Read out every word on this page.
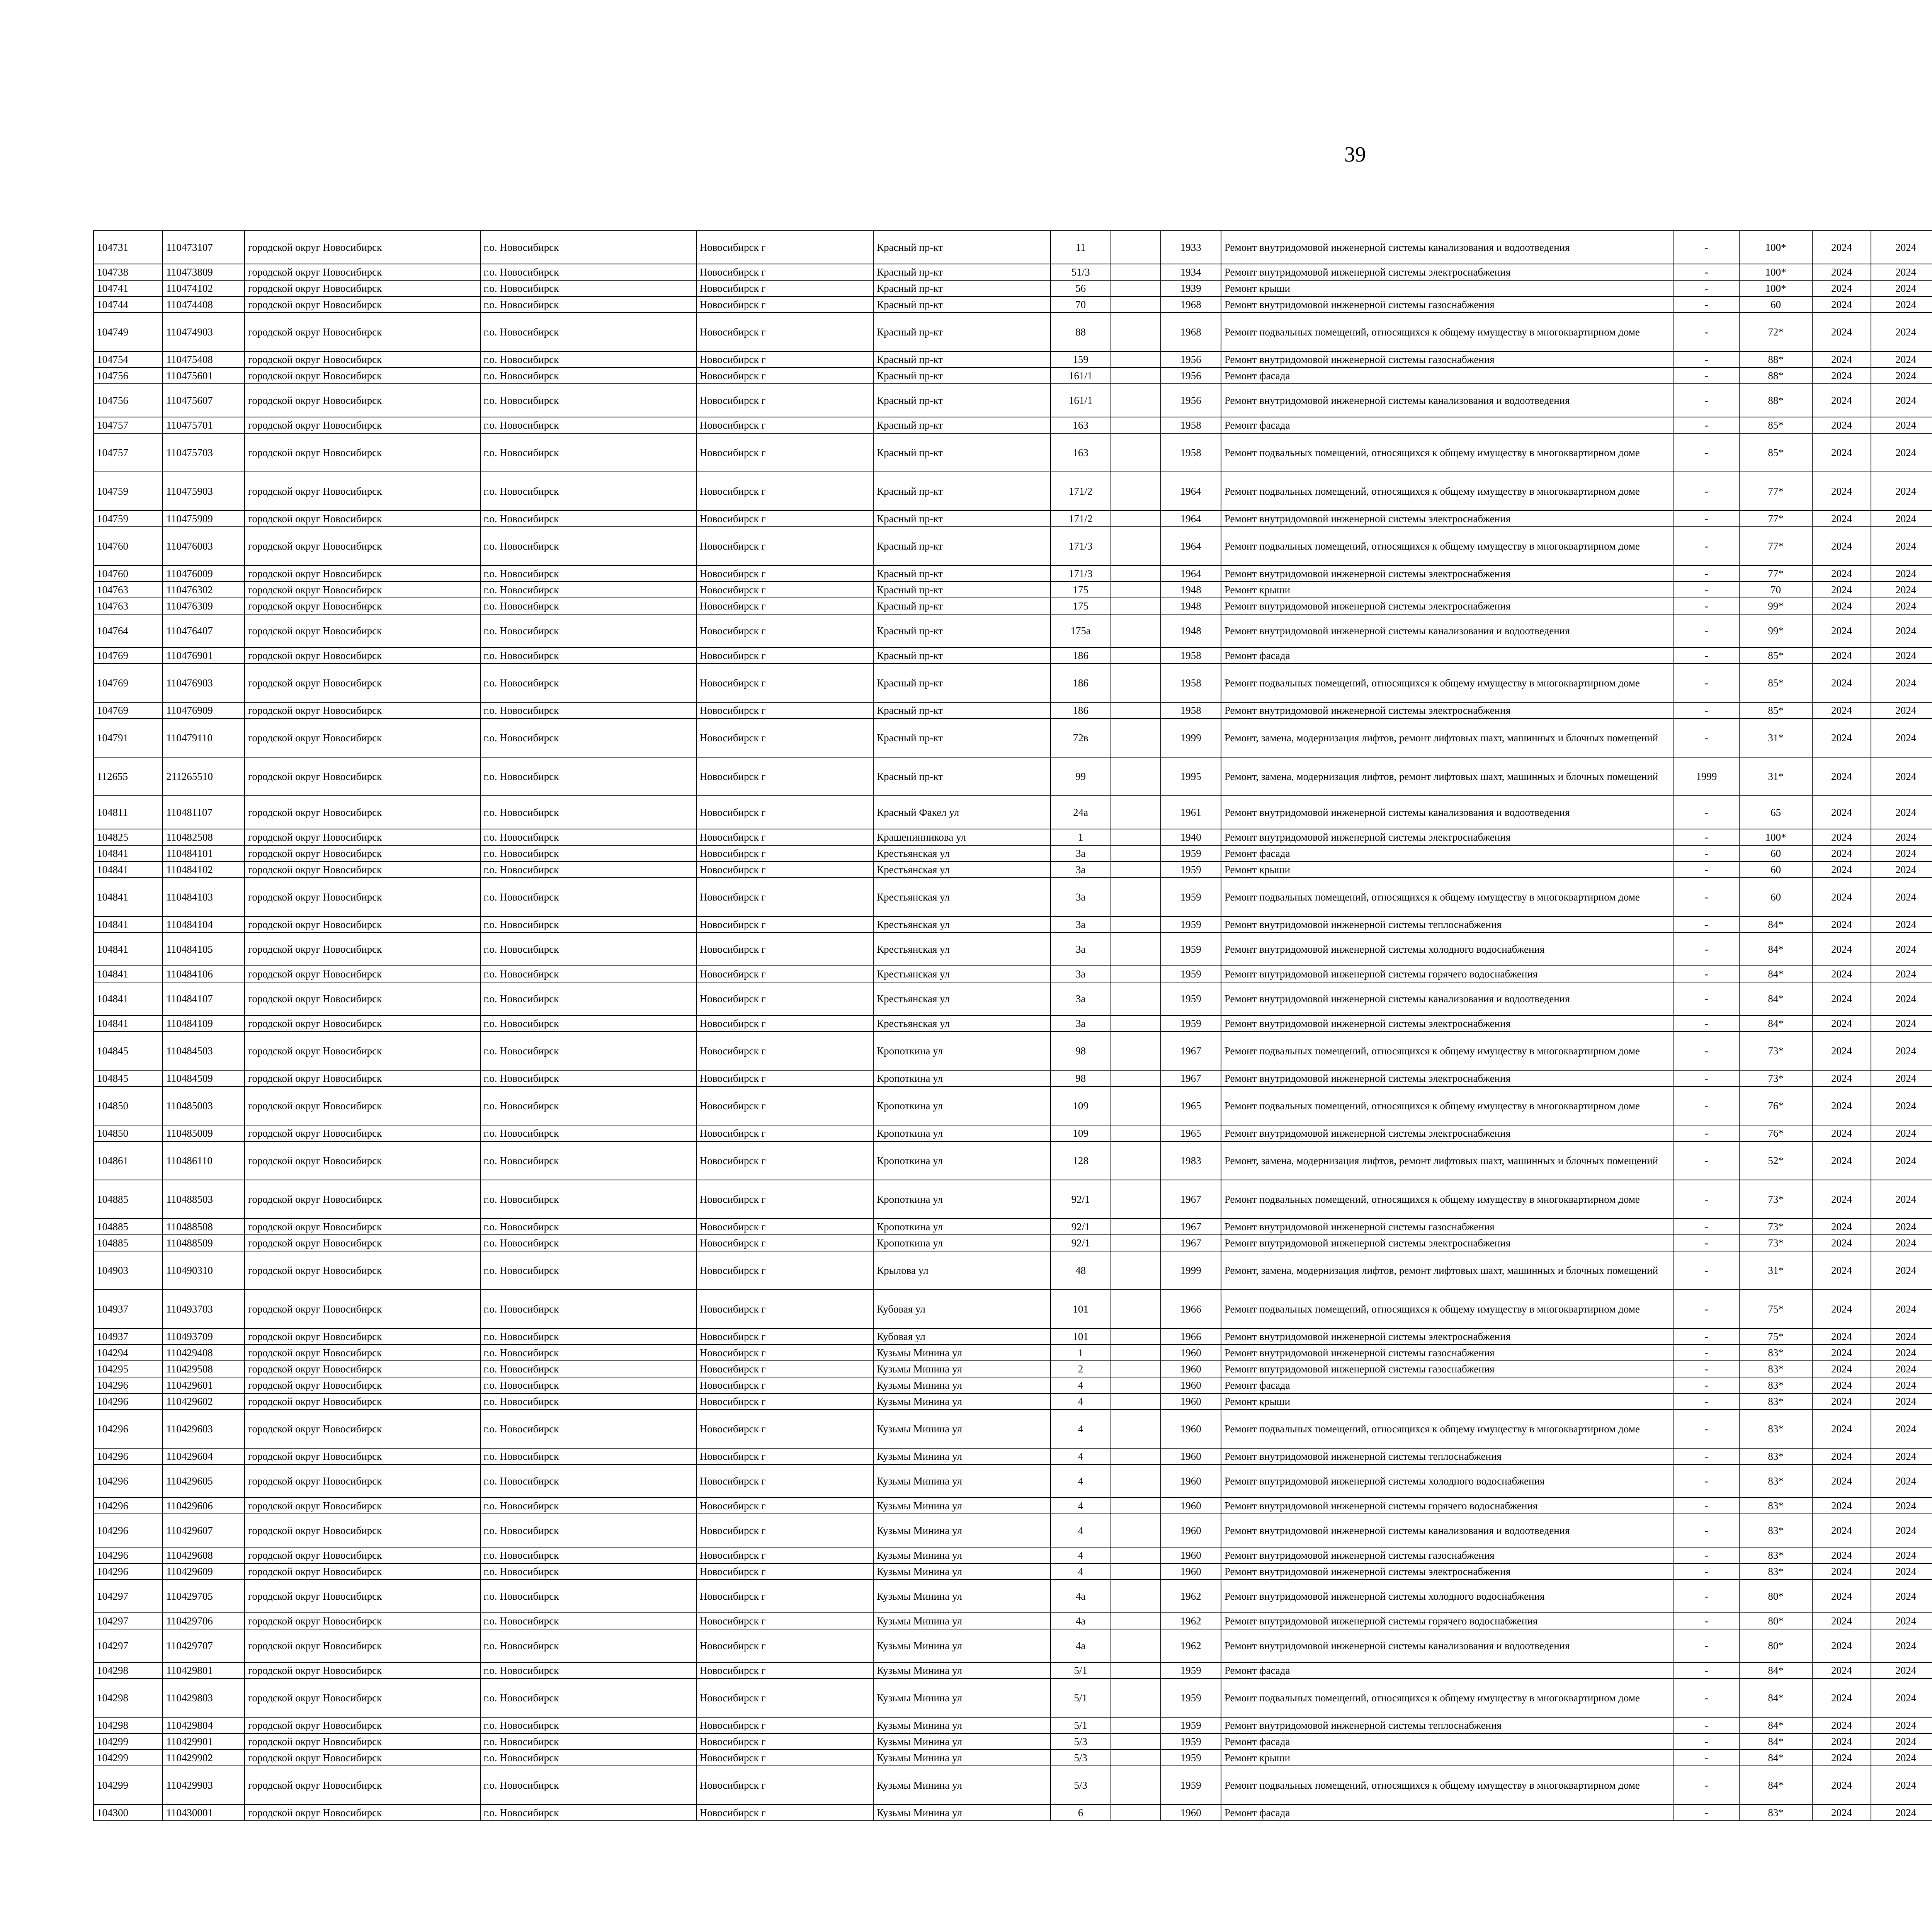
39
104731	110473107	городской округ Новосибирск	г.о. Новосибирск	Новосибирск г	Красный пр-кт	11		1933	Ремонт внутридомовой инженерной системы канализования и водоотведения	-	100*	2024	2024					
104738	110473809	городской округ Новосибирск	г.о. Новосибирск	Новосибирск г	Красный пр-кт	51/3		1934	Ремонт внутридомовой инженерной системы электроснабжения	-	100*	2024	2024					
104741	110474102	городской округ Новосибирск	г.о. Новосибирск	Новосибирск г	Красный пр-кт	56		1939	Ремонт крыши	-	100*	2024	2024					
104744	110474408	городской округ Новосибирск	г.о. Новосибирск	Новосибирск г	Красный пр-кт	70		1968	Ремонт внутридомовой инженерной системы газоснабжения	-	60	2024	2024					
104749	110474903	городской округ Новосибирск	г.о. Новосибирск	Новосибирск г	Красный пр-кт	88		1968	Ремонт подвальных помещений, относящихся к общему имуществу в многоквартирном доме	-	72*	2024	2024					
104754	110475408	городской округ Новосибирск	г.о. Новосибирск	Новосибирск г	Красный пр-кт	159		1956	Ремонт внутридомовой инженерной системы газоснабжения	-	88*	2024	2024					
104756	110475601	городской округ Новосибирск	г.о. Новосибирск	Новосибирск г	Красный пр-кт	161/1		1956	Ремонт фасада	-	88*	2024	2024					
104756	110475607	городской округ Новосибирск	г.о. Новосибирск	Новосибирск г	Красный пр-кт	161/1		1956	Ремонт внутридомовой инженерной системы канализования и водоотведения	-	88*	2024	2024					
104757	110475701	городской округ Новосибирск	г.о. Новосибирск	Новосибирск г	Красный пр-кт	163		1958	Ремонт фасада	-	85*	2024	2024					
104757	110475703	городской округ Новосибирск	г.о. Новосибирск	Новосибирск г	Красный пр-кт	163		1958	Ремонт подвальных помещений, относящихся к общему имуществу в многоквартирном доме	-	85*	2024	2024					
104759	110475903	городской округ Новосибирск	г.о. Новосибирск	Новосибирск г	Красный пр-кт	171/2		1964	Ремонт подвальных помещений, относящихся к общему имуществу в многоквартирном доме	-	77*	2024	2024					
104759	110475909	городской округ Новосибирск	г.о. Новосибирск	Новосибирск г	Красный пр-кт	171/2		1964	Ремонт внутридомовой инженерной системы электроснабжения	-	77*	2024	2024					
104760	110476003	городской округ Новосибирск	г.о. Новосибирск	Новосибирск г	Красный пр-кт	171/3		1964	Ремонт подвальных помещений, относящихся к общему имуществу в многоквартирном доме	-	77*	2024	2024					
104760	110476009	городской округ Новосибирск	г.о. Новосибирск	Новосибирск г	Красный пр-кт	171/3		1964	Ремонт внутридомовой инженерной системы электроснабжения	-	77*	2024	2024					
104763	110476302	городской округ Новосибирск	г.о. Новосибирск	Новосибирск г	Красный пр-кт	175		1948	Ремонт крыши	-	70	2024	2024					
104763	110476309	городской округ Новосибирск	г.о. Новосибирск	Новосибирск г	Красный пр-кт	175		1948	Ремонт внутридомовой инженерной системы электроснабжения	-	99*	2024	2024					
104764	110476407	городской округ Новосибирск	г.о. Новосибирск	Новосибирск г	Красный пр-кт	175а		1948	Ремонт внутридомовой инженерной системы канализования и водоотведения	-	99*	2024	2024					
104769	110476901	городской округ Новосибирск	г.о. Новосибирск	Новосибирск г	Красный пр-кт	186		1958	Ремонт фасада	-	85*	2024	2024					
104769	110476903	городской округ Новосибирск	г.о. Новосибирск	Новосибирск г	Красный пр-кт	186		1958	Ремонт подвальных помещений, относящихся к общему имуществу в многоквартирном доме	-	85*	2024	2024					
104769	110476909	городской округ Новосибирск	г.о. Новосибирск	Новосибирск г	Красный пр-кт	186		1958	Ремонт внутридомовой инженерной системы электроснабжения	-	85*	2024	2024					
104791	110479110	городской округ Новосибирск	г.о. Новосибирск	Новосибирск г	Красный пр-кт	72в		1999	Ремонт, замена, модернизация лифтов, ремонт лифтовых шахт, машинных и блочных помещений	-	31*	2024	2024					
112655	211265510	городской округ Новосибирск	г.о. Новосибирск	Новосибирск г	Красный пр-кт	99		1995	Ремонт, замена, модернизация лифтов, ремонт лифтовых шахт, машинных и блочных помещений	1999	31*	2024	2024					
104811	110481107	городской округ Новосибирск	г.о. Новосибирск	Новосибирск г	Красный Факел ул	24а		1961	Ремонт внутридомовой инженерной системы канализования и водоотведения	-	65	2024	2024					
104825	110482508	городской округ Новосибирск	г.о. Новосибирск	Новосибирск г	Крашенинникова ул	1		1940	Ремонт внутридомовой инженерной системы электроснабжения	-	100*	2024	2024					
104841	110484101	городской округ Новосибирск	г.о. Новосибирск	Новосибирск г	Крестьянская ул	3а		1959	Ремонт фасада	-	60	2024	2024					
104841	110484102	городской округ Новосибирск	г.о. Новосибирск	Новосибирск г	Крестьянская ул	3а		1959	Ремонт крыши	-	60	2024	2024					
104841	110484103	городской округ Новосибирск	г.о. Новосибирск	Новосибирск г	Крестьянская ул	3а		1959	Ремонт подвальных помещений, относящихся к общему имуществу в многоквартирном доме	-	60	2024	2024					
104841	110484104	городской округ Новосибирск	г.о. Новосибирск	Новосибирск г	Крестьянская ул	3а		1959	Ремонт внутридомовой инженерной системы теплоснабжения	-	84*	2024	2024					
104841	110484105	городской округ Новосибирск	г.о. Новосибирск	Новосибирск г	Крестьянская ул	3а		1959	Ремонт внутридомовой инженерной системы холодного водоснабжения	-	84*	2024	2024					
104841	110484106	городской округ Новосибирск	г.о. Новосибирск	Новосибирск г	Крестьянская ул	3а		1959	Ремонт внутридомовой инженерной системы горячего водоснабжения	-	84*	2024	2024					
104841	110484107	городской округ Новосибирск	г.о. Новосибирск	Новосибирск г	Крестьянская ул	3а		1959	Ремонт внутридомовой инженерной системы канализования и водоотведения	-	84*	2024	2024					
104841	110484109	городской округ Новосибирск	г.о. Новосибирск	Новосибирск г	Крестьянская ул	3а		1959	Ремонт внутридомовой инженерной системы электроснабжения	-	84*	2024	2024					
104845	110484503	городской округ Новосибирск	г.о. Новосибирск	Новосибирск г	Кропоткина ул	98		1967	Ремонт подвальных помещений, относящихся к общему имуществу в многоквартирном доме	-	73*	2024	2024					
104845	110484509	городской округ Новосибирск	г.о. Новосибирск	Новосибирск г	Кропоткина ул	98		1967	Ремонт внутридомовой инженерной системы электроснабжения	-	73*	2024	2024					
104850	110485003	городской округ Новосибирск	г.о. Новосибирск	Новосибирск г	Кропоткина ул	109		1965	Ремонт подвальных помещений, относящихся к общему имуществу в многоквартирном доме	-	76*	2024	2024					
104850	110485009	городской округ Новосибирск	г.о. Новосибирск	Новосибирск г	Кропоткина ул	109		1965	Ремонт внутридомовой инженерной системы электроснабжения	-	76*	2024	2024					
104861	110486110	городской округ Новосибирск	г.о. Новосибирск	Новосибирск г	Кропоткина ул	128		1983	Ремонт, замена, модернизация лифтов, ремонт лифтовых шахт, машинных и блочных помещений	-	52*	2024	2024					
104885	110488503	городской округ Новосибирск	г.о. Новосибирск	Новосибирск г	Кропоткина ул	92/1		1967	Ремонт подвальных помещений, относящихся к общему имуществу в многоквартирном доме	-	73*	2024	2024					
104885	110488508	городской округ Новосибирск	г.о. Новосибирск	Новосибирск г	Кропоткина ул	92/1		1967	Ремонт внутридомовой инженерной системы газоснабжения	-	73*	2024	2024					
104885	110488509	городской округ Новосибирск	г.о. Новосибирск	Новосибирск г	Кропоткина ул	92/1		1967	Ремонт внутридомовой инженерной системы электроснабжения	-	73*	2024	2024					
104903	110490310	городской округ Новосибирск	г.о. Новосибирск	Новосибирск г	Крылова ул	48		1999	Ремонт, замена, модернизация лифтов, ремонт лифтовых шахт, машинных и блочных помещений	-	31*	2024	2024					
104937	110493703	городской округ Новосибирск	г.о. Новосибирск	Новосибирск г	Кубовая ул	101		1966	Ремонт подвальных помещений, относящихся к общему имуществу в многоквартирном доме	-	75*	2024	2024					
104937	110493709	городской округ Новосибирск	г.о. Новосибирск	Новосибирск г	Кубовая ул	101		1966	Ремонт внутридомовой инженерной системы электроснабжения	-	75*	2024	2024					
104294	110429408	городской округ Новосибирск	г.о. Новосибирск	Новосибирск г	Кузьмы Минина ул	1		1960	Ремонт внутридомовой инженерной системы газоснабжения	-	83*	2024	2024					
104295	110429508	городской округ Новосибирск	г.о. Новосибирск	Новосибирск г	Кузьмы Минина ул	2		1960	Ремонт внутридомовой инженерной системы газоснабжения	-	83*	2024	2024					
104296	110429601	городской округ Новосибирск	г.о. Новосибирск	Новосибирск г	Кузьмы Минина ул	4		1960	Ремонт фасада	-	83*	2024	2024					
104296	110429602	городской округ Новосибирск	г.о. Новосибирск	Новосибирск г	Кузьмы Минина ул	4		1960	Ремонт крыши	-	83*	2024	2024					
104296	110429603	городской округ Новосибирск	г.о. Новосибирск	Новосибирск г	Кузьмы Минина ул	4		1960	Ремонт подвальных помещений, относящихся к общему имуществу в многоквартирном доме	-	83*	2024	2024					
104296	110429604	городской округ Новосибирск	г.о. Новосибирск	Новосибирск г	Кузьмы Минина ул	4		1960	Ремонт внутридомовой инженерной системы теплоснабжения	-	83*	2024	2024					
104296	110429605	городской округ Новосибирск	г.о. Новосибирск	Новосибирск г	Кузьмы Минина ул	4		1960	Ремонт внутридомовой инженерной системы холодного водоснабжения	-	83*	2024	2024					
104296	110429606	городской округ Новосибирск	г.о. Новосибирск	Новосибирск г	Кузьмы Минина ул	4		1960	Ремонт внутридомовой инженерной системы горячего водоснабжения	-	83*	2024	2024					
104296	110429607	городской округ Новосибирск	г.о. Новосибирск	Новосибирск г	Кузьмы Минина ул	4		1960	Ремонт внутридомовой инженерной системы канализования и водоотведения	-	83*	2024	2024					
104296	110429608	городской округ Новосибирск	г.о. Новосибирск	Новосибирск г	Кузьмы Минина ул	4		1960	Ремонт внутридомовой инженерной системы газоснабжения	-	83*	2024	2024					
104296	110429609	городской округ Новосибирск	г.о. Новосибирск	Новосибирск г	Кузьмы Минина ул	4		1960	Ремонт внутридомовой инженерной системы электроснабжения	-	83*	2024	2024					
104297	110429705	городской округ Новосибирск	г.о. Новосибирск	Новосибирск г	Кузьмы Минина ул	4а		1962	Ремонт внутридомовой инженерной системы холодного водоснабжения	-	80*	2024	2024					
104297	110429706	городской округ Новосибирск	г.о. Новосибирск	Новосибирск г	Кузьмы Минина ул	4а		1962	Ремонт внутридомовой инженерной системы горячего водоснабжения	-	80*	2024	2024					
104297	110429707	городской округ Новосибирск	г.о. Новосибирск	Новосибирск г	Кузьмы Минина ул	4а		1962	Ремонт внутридомовой инженерной системы канализования и водоотведения	-	80*	2024	2024					
104298	110429801	городской округ Новосибирск	г.о. Новосибирск	Новосибирск г	Кузьмы Минина ул	5/1		1959	Ремонт фасада	-	84*	2024	2024					
104298	110429803	городской округ Новосибирск	г.о. Новосибирск	Новосибирск г	Кузьмы Минина ул	5/1		1959	Ремонт подвальных помещений, относящихся к общему имуществу в многоквартирном доме	-	84*	2024	2024					
104298	110429804	городской округ Новосибирск	г.о. Новосибирск	Новосибирск г	Кузьмы Минина ул	5/1		1959	Ремонт внутридомовой инженерной системы теплоснабжения	-	84*	2024	2024					
104299	110429901	городской округ Новосибирск	г.о. Новосибирск	Новосибирск г	Кузьмы Минина ул	5/3		1959	Ремонт фасада	-	84*	2024	2024					
104299	110429902	городской округ Новосибирск	г.о. Новосибирск	Новосибирск г	Кузьмы Минина ул	5/3		1959	Ремонт крыши	-	84*	2024	2024					
104299	110429903	городской округ Новосибирск	г.о. Новосибирск	Новосибирск г	Кузьмы Минина ул	5/3		1959	Ремонт подвальных помещений, относящихся к общему имуществу в многоквартирном доме	-	84*	2024	2024					
104300	110430001	городской округ Новосибирск	г.о. Новосибирск	Новосибирск г	Кузьмы Минина ул	6		1960	Ремонт фасада	-	83*	2024	2024					
